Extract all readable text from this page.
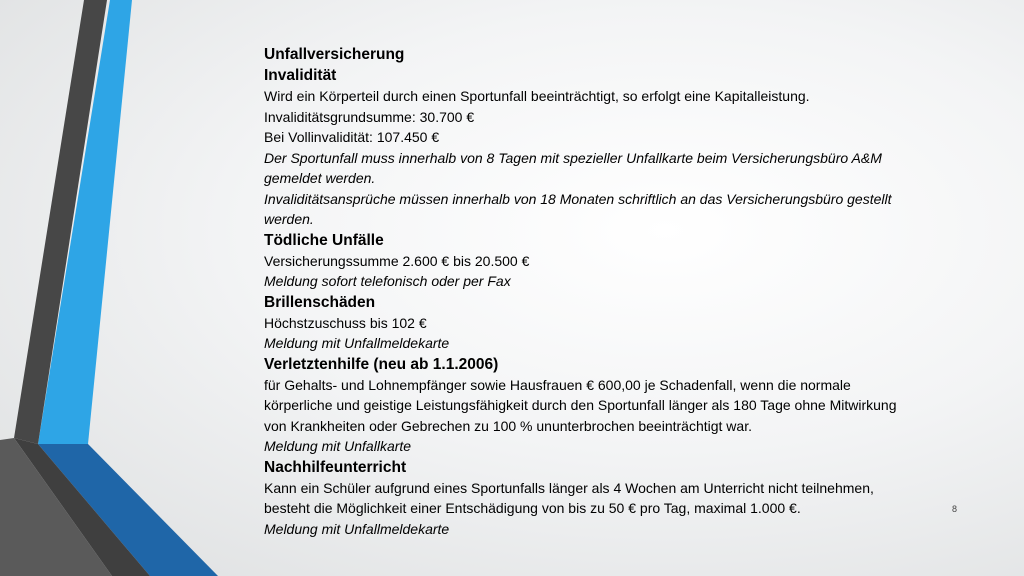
Unfallversicherung
Invalidität
Wird ein Körperteil durch einen Sportunfall beeinträchtigt, so erfolgt eine Kapitalleistung.
Invaliditätsgrundsumme: 30.700 €
Bei Vollinvalidität: 107.450 €
Der Sportunfall muss innerhalb von 8 Tagen mit spezieller Unfallkarte beim Versicherungsbüro A&M
gemeldet werden.
Invaliditätsansprüche müssen innerhalb von 18 Monaten schriftlich an das Versicherungsbüro gestellt
werden.
Tödliche Unfälle
Versicherungssumme 2.600 € bis 20.500 €
Meldung sofort telefonisch oder per Fax
Brillenschäden
Höchstzuschuss bis 102 €
Meldung mit Unfallmeldekarte
Verletztenhilfe (neu ab 1.1.2006)
für Gehalts- und Lohnempfänger sowie Hausfrauen € 600,00 je Schadenfall, wenn die normale
körperliche und geistige Leistungsfähigkeit durch den Sportunfall länger als 180 Tage ohne Mitwirkung
von Krankheiten oder Gebrechen zu 100 % ununterbrochen beeinträchtigt war.
Meldung mit Unfallkarte
Nachhilfeunterricht
Kann ein Schüler aufgrund eines Sportunfalls länger als 4 Wochen am Unterricht nicht teilnehmen,
besteht die Möglichkeit einer Entschädigung von bis zu 50 € pro Tag, maximal 1.000 €.
Meldung mit Unfallmeldekarte
8
